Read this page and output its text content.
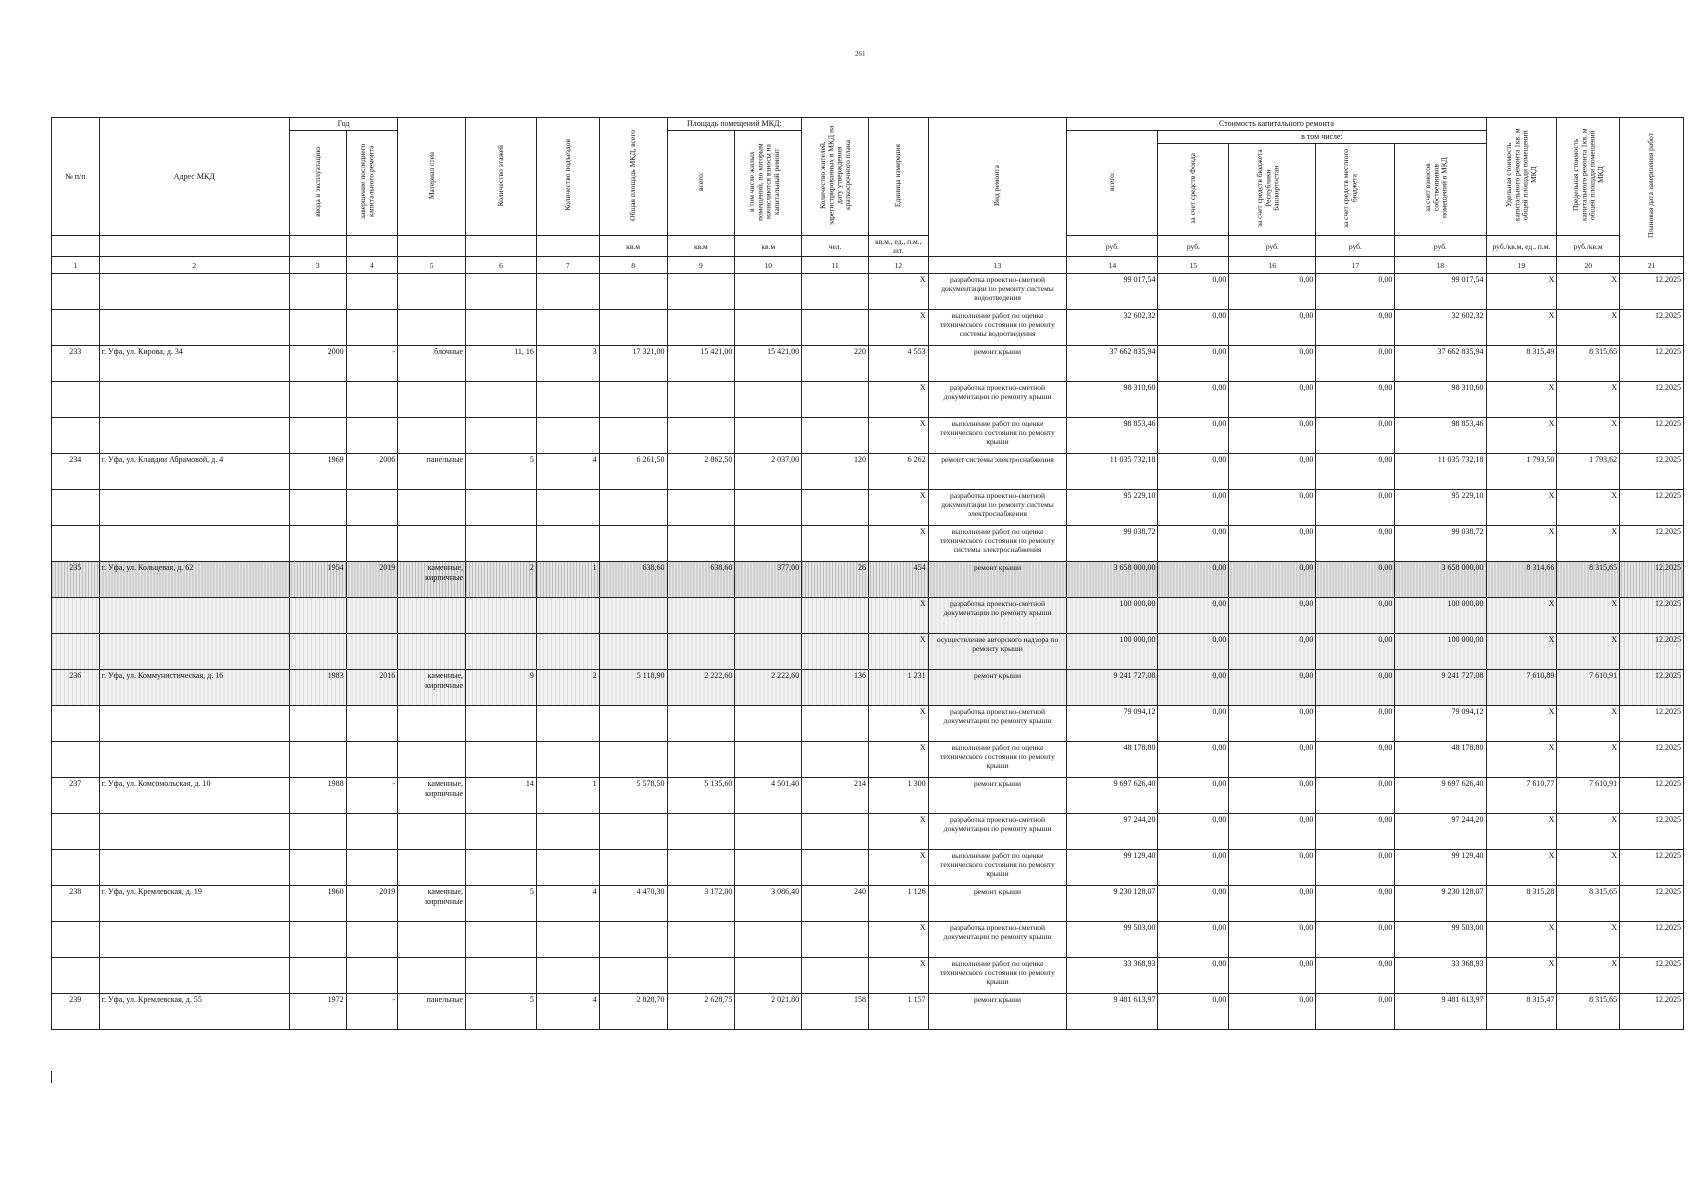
261
№ п/п	Адрес МКД	Год		Материал стен	Количество этажей	Количество подъездов	Общая площадь МКД, всего	Площадь помещений МКД:		Количество жителей, зарегистрированных в МКД на дату утверждения краткосрочного плана	Единица измерения	Вид ремонта	Стоимость капитального ремонта					Удельная стоимость капитального ремонта 1кв. м общей площади помещений МКД	Предельная стоимость капитального ремонта 1кв. м общей площади помещений МКД	Плановая дата завершения работ
		ввода в эксплуатацию	завершение последнего капитального ремонта					всего:	в том числе жилых помещений, по которым начисляются взносы на капитальный ремонт				всего:	в том числе:						
														за счет средств Фонда	за счет средств бюджета Республики Башкортостан	за счет средств местного бюджета	за счет взносов собственников помещений в МКД			
							кв.м	кв.м	кв.м	чел.	кв.м., ед., п.м., шт.		руб.	руб.	руб.	руб.	руб.	руб./кв.м, ед., п.м.	руб./кв.м	
1	2	3	4	5	6	7	8	9	10	11	12	13	14	15	16	17	18	19	20	21
											X	разработка проектно-сметной документации по ремонту системы водоотведения	99 017,54	0,00	0,00	0,00	99 017,54	X	X	12.2025
											X	выполнение работ по оценке технического состояния по ремонту системы водоотведения	32 602,32	0,00	0,00	0,00	32 602,32	X	X	12.2025
233	г. Уфа, ул. Кирова, д. 34	2000	-	блочные	11, 16	3	17 321,00	15 421,00	15 421,00	220	4 553	ремонт крыши	37 662 835,94	0,00	0,00	0,00	37 662 835,94	8 315,49	8 315,65	12.2025
											X	разработка проектно-сметной документации по ремонту крыши	98 310,60	0,00	0,00	0,00	98 310,60	X	X	12.2025
											X	выполнение работ по оценке технического состояния по ремонту крыши	98 853,46	0,00	0,00	0,00	98 853,46	X	X	12.2025
234	г. Уфа, ул. Клавдии Абрамовой, д. 4	1969	2006	панельные	5	4	6 261,50	2 862,50	2 037,00	120	6 262	ремонт системы электроснабжения	11 035 732,18	0,00	0,00	0,00	11 035 732,18	1 793,50	1 793,62	12.2025
											X	разработка проектно-сметной документации по ремонту системы электроснабжения	95 229,10	0,00	0,00	0,00	95 229,10	X	X	12.2025
											X	выполнение работ по оценке технического состояния по ремонту системы электроснабжения	99 038,72	0,00	0,00	0,00	99 038,72	X	X	12.2025
235	г. Уфа, ул. Кольцевая, д. 62	1954	2019	каменные, кирпичные	2	1	638,60	638,60	377,00	26	454	ремонт крыши	3 658 000,00	0,00	0,00	0,00	3 658 000,00	8 314,66	8 315,65	12.2025
											X	разработка проектно-сметной документации по ремонту крыши	100 000,00	0,00	0,00	0,00	100 000,00	X	X	12.2025
											X	осуществление авторского надзора по ремонту крыши	100 000,00	0,00	0,00	0,00	100 000,00	X	X	12.2025
236	г. Уфа, ул. Коммунистическая, д. 16	1983	2016	каменные, кирпичные	9	2	5 118,90	2 222,60	2 222,60	136	1 231	ремонт крыши	9 241 727,08	0,00	0,00	0,00	9 241 727,08	7 610,89	7 610,91	12.2025
											X	разработка проектно-сметной документации по ремонту крыши	79 094,12	0,00	0,00	0,00	79 094,12	X	X	12.2025
											X	выполнение работ по оценке технического состояния по ремонту крыши	48 178,80	0,00	0,00	0,00	48 178,80	X	X	12.2025
237	г. Уфа, ул. Комсомольская, д. 10	1988	-	каменные, кирпичные	14	1	5 578,50	5 135,60	4 501,40	214	1 300	ремонт крыши	9 697 626,40	0,00	0,00	0,00	9 697 626,40	7 610,77	7 610,91	12.2025
											X	разработка проектно-сметной документации по ремонту крыши	97 244,20	0,00	0,00	0,00	97 244,20	X	X	12.2025
											X	выполнение работ по оценке технического состояния по ремонту крыши	99 129,40	0,00	0,00	0,00	99 129,40	X	X	12.2025
238	г. Уфа, ул. Кремлевская, д. 19	1960	2019	каменные, кирпичные	5	4	4 470,30	3 172,00	3 086,40	240	1 126	ремонт крыши	9 230 128,07	0,00	0,00	0,00	9 230 128,07	8 315,28	8 315,65	12.2025
											X	разработка проектно-сметной документации по ремонту крыши	99 503,00	0,00	0,00	0,00	99 503,00	X	X	12.2025
											X	выполнение работ по оценке технического состояния по ремонту крыши	33 368,93	0,00	0,00	0,00	33 368,93	X	X	12.2025
239	г. Уфа, ул. Кремлевская, д. 55	1972	-	панельные	5	4	2 828,70	2 628,75	2 021,80	158	1 157	ремонт крыши	9 481 613,97	0,00	0,00	0,00	9 481 613,97	8 315,47	8 315,65	12.2025
